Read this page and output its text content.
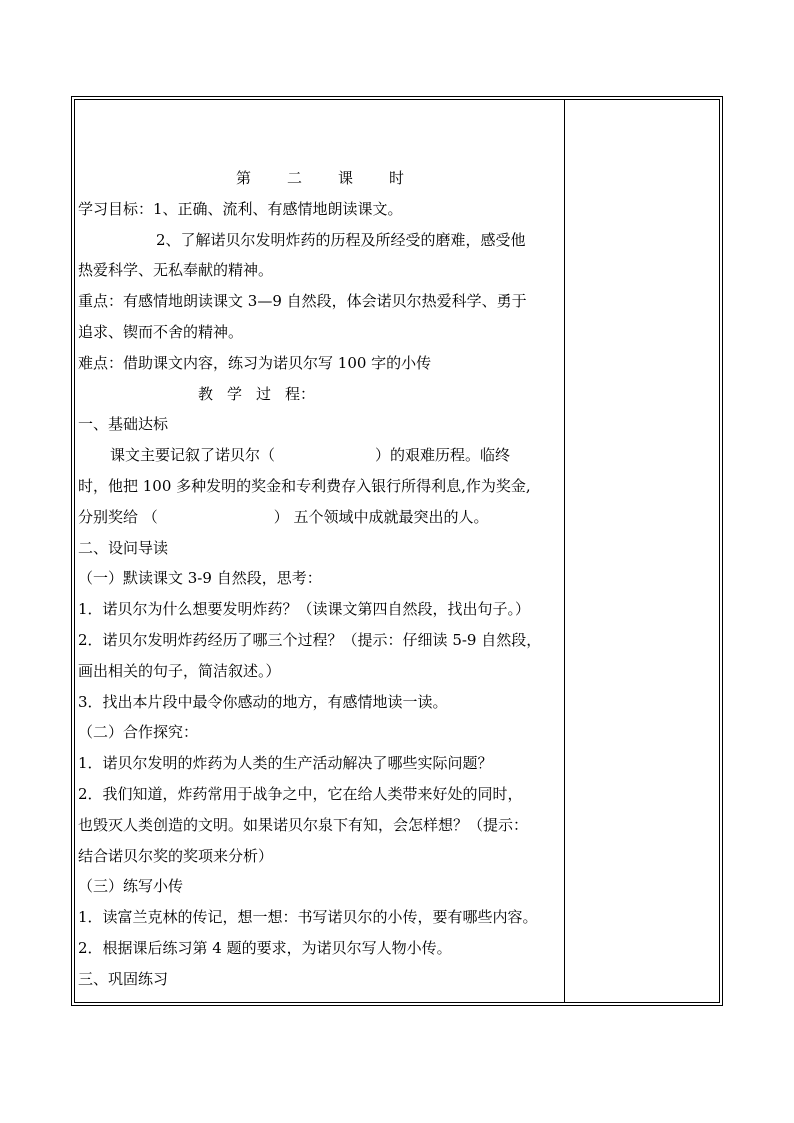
第 二 课 时
学习目标：1、正确、流利、有感情地朗读课文。
2、了解诺贝尔发明炸药的历程及所经受的磨难，感受他
热爱科学、无私奉献的精神。
重点：有感情地朗读课文 3—9 自然段，体会诺贝尔热爱科学、勇于
追求、锲而不舍的精神。
难点：借助课文内容，练习为诺贝尔写 100 字的小传
教 学 过 程：
一、基础达标
课文主要记叙了诺贝尔（	）的艰难历程。临终
时，他把 100 多种发明的奖金和专利费存入银行所得利息,作为奖金,
分别奖给 （	） 五个领域中成就最突出的人。
二、设问导读
（一）默读课文 3-9 自然段，思考：
1．诺贝尔为什么想要发明炸药？（读课文第四自然段，找出句子。）
2．诺贝尔发明炸药经历了哪三个过程？（提示：仔细读 5-9 自然段，
画出相关的句子，简洁叙述。）
3．找出本片段中最令你感动的地方，有感情地读一读。
（二）合作探究：
1．诺贝尔发明的炸药为人类的生产活动解决了哪些实际问题？
2．我们知道，炸药常用于战争之中，它在给人类带来好处的同时，
也毁灭人类创造的文明。如果诺贝尔泉下有知，会怎样想？（提示：
结合诺贝尔奖的奖项来分析）
（三）练写小传
1．读富兰克林的传记，想一想：书写诺贝尔的小传，要有哪些内容。
2．根据课后练习第 4 题的要求，为诺贝尔写人物小传。
三、巩固练习
